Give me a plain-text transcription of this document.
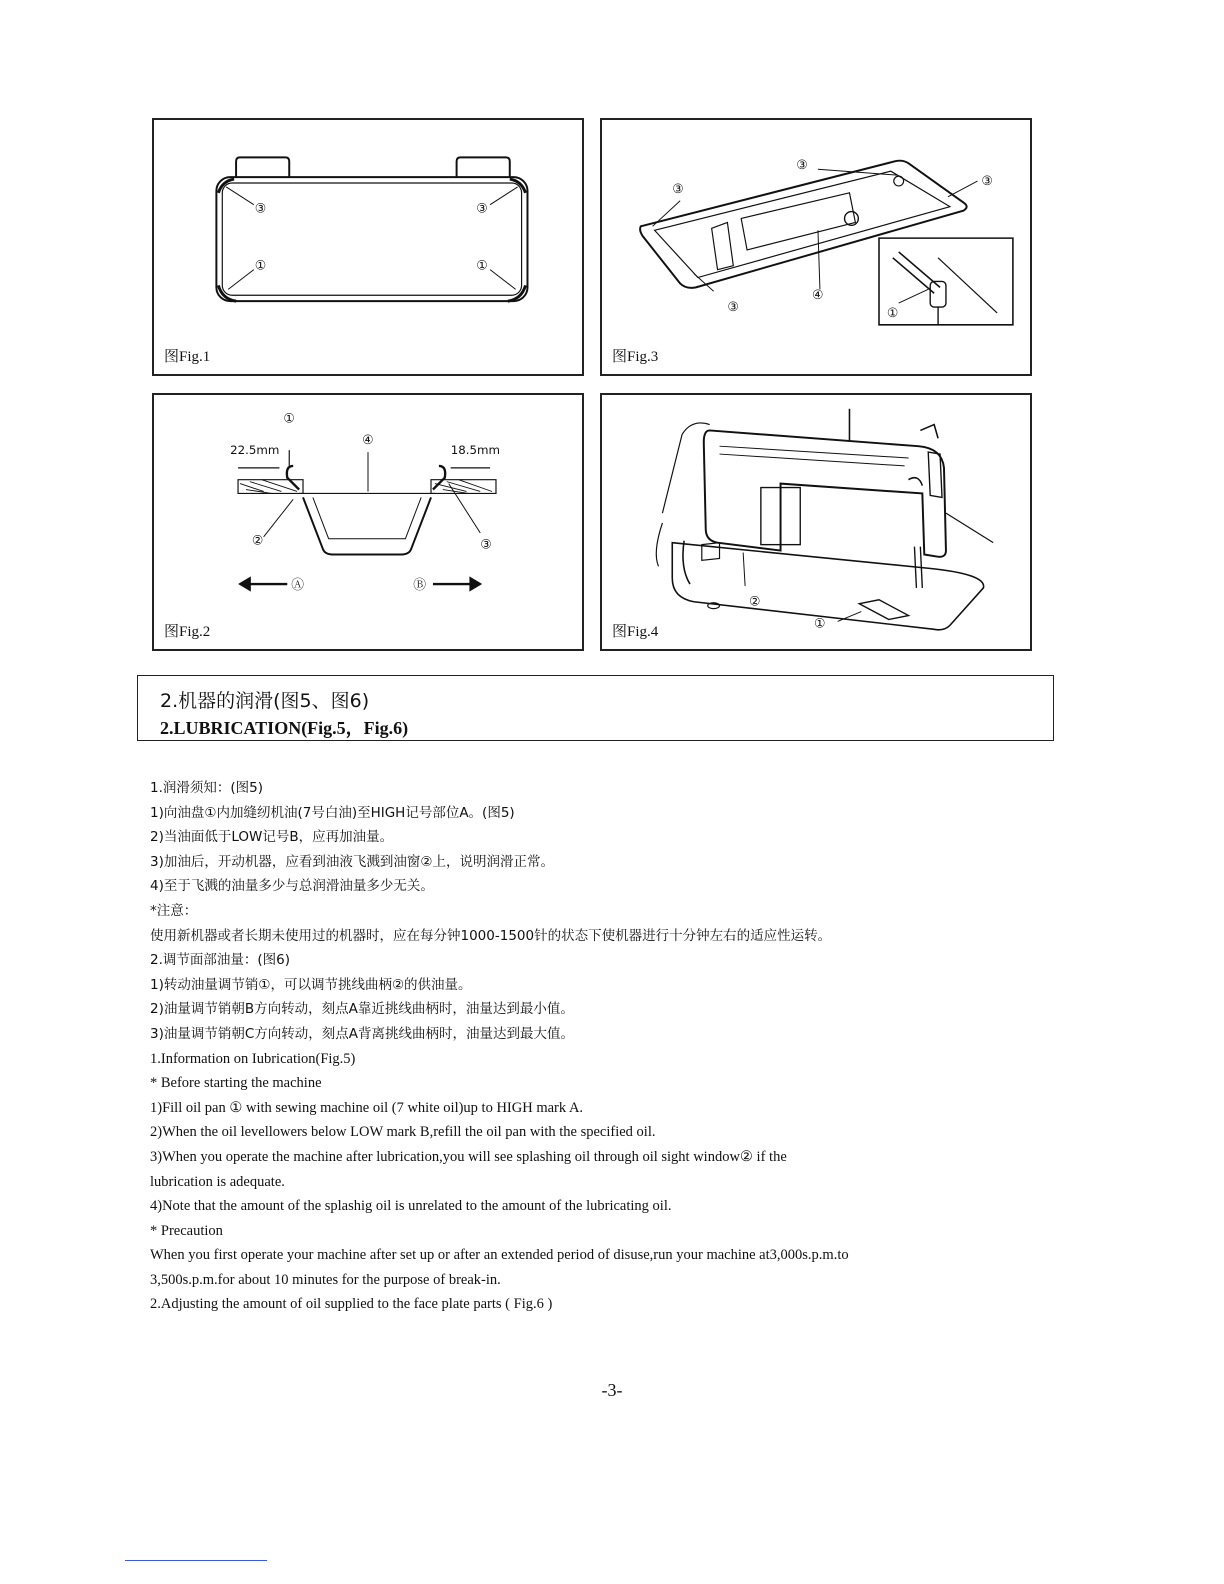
③	③
①	①
图Fig.1
③
③
③
③
④
①
图Fig.3
①
④
②	③
22.5mm	18.5mm
Ⓐ	Ⓑ
图Fig.2
②
①
图Fig.4
2.机器的润滑(图5、图6)
2.LUBRICATION(Fig.5，Fig.6)
1.润滑须知：(图5)
1)向油盘①内加缝纫机油(7号白油)至HIGH记号部位A。(图5)
2)当油面低于LOW记号B，应再加油量。
3)加油后，开动机器，应看到油液飞溅到油窗②上，说明润滑正常。
4)至于飞溅的油量多少与总润滑油量多少无关。
*注意：
使用新机器或者长期未使用过的机器时，应在每分钟1000-1500针的状态下使机器进行十分钟左右的适应性运转。
2.调节面部油量：(图6)
1)转动油量调节销①，可以调节挑线曲柄②的供油量。
2)油量调节销朝B方向转动，刻点A靠近挑线曲柄时，油量达到最小值。
3)油量调节销朝C方向转动，刻点A背离挑线曲柄时，油量达到最大值。
1.Information on Iubrication(Fig.5)
* Before starting the machine
1)Fill oil pan ① with sewing machine oil (7 white oil)up to HIGH mark A.
2)When the oil levellowers below LOW mark B,refill the oil pan with the specified oil.
3)When you operate the machine after lubrication,you will see splashing oil through oil sight window② if the
lubrication is adequate.
4)Note that the amount of the splashig oil is unrelated to the amount of the lubricating oil.
* Precaution
When you first operate your machine after set up or after an extended period of disuse,run your machine at3,000s.p.m.to
3,500s.p.m.for about 10 minutes for the purpose of break-in.
2.Adjusting the amount of oil supplied to the face plate parts ( Fig.6 )
-3-
